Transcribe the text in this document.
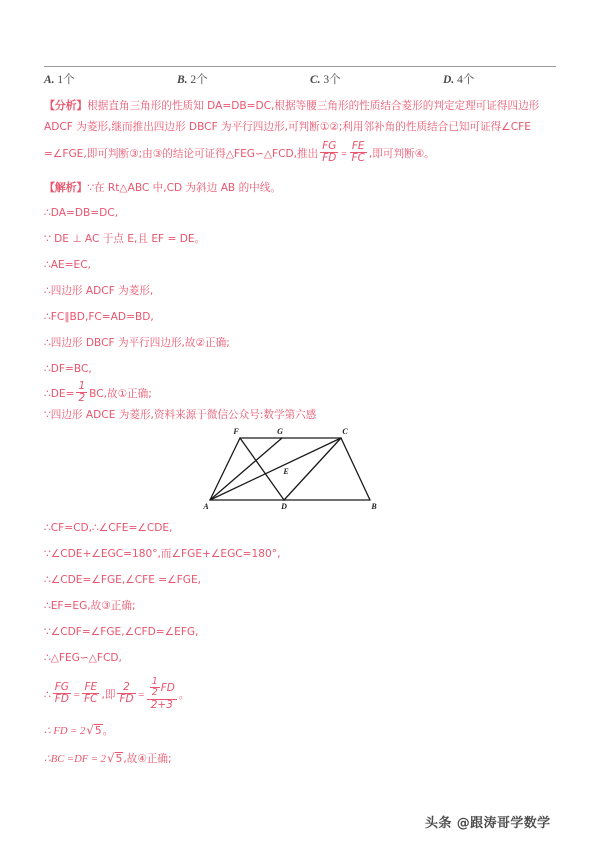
A. 1个	B. 2个	C. 3个	D. 4个
【分析】根据直角三角形的性质知 DA=DB=DC,根据等腰三角形的性质结合菱形的判定定理可证得四边形
ADCF 为菱形,继而推出四边形 DBCF 为平行四边形,可判断①②;利用邻补角的性质结合已知可证得∠CFE
=∠FGE,即可判断③;由③的结论可证得△FEG∽△FCD,推出 $\frac{FG}{FD} = \frac{FE}{FC}$ ,即可判断④。
【解析】∵在 Rt△ABC 中,CD 为斜边 AB 的中线。
∴DA=DB=DC,
∵ DE ⊥ AC 于点 E,且 EF = DE。
∴AE=EC,
∴四边形 ADCF 为菱形,
∴FC∥BD,FC=AD=BD,
∴四边形 DBCF 为平行四边形,故②正确;
∴DF=BC,
∴DE= $\frac{1}{2}$ BC,故①正确;
∵四边形 ADCE 为菱形,资料来源于微信公众号:数学第六感
F	G	C
E
A	D	B
∴CF=CD,∴∠CFE=∠CDE,
∵∠CDE+∠EGC=180°,而∠FGE+∠EGC=180°,
∴∠CDE=∠FGE,∠CFE =∠FGE,
∴EF=EG,故③正确;
∵∠CDF=∠FGE,∠CFD=∠EFG,
∴△FEG∽△FCD,
∴ $\frac{FG}{FD} = \frac{FE}{FC}$ ,即 $\frac{2}{FD} = \frac{\frac{1}{2} FD}{2+3}$ 。
∴ FD = 2√5。
∴BC =DF = 2√5,故④正确;
头条 @跟涛哥学数学
